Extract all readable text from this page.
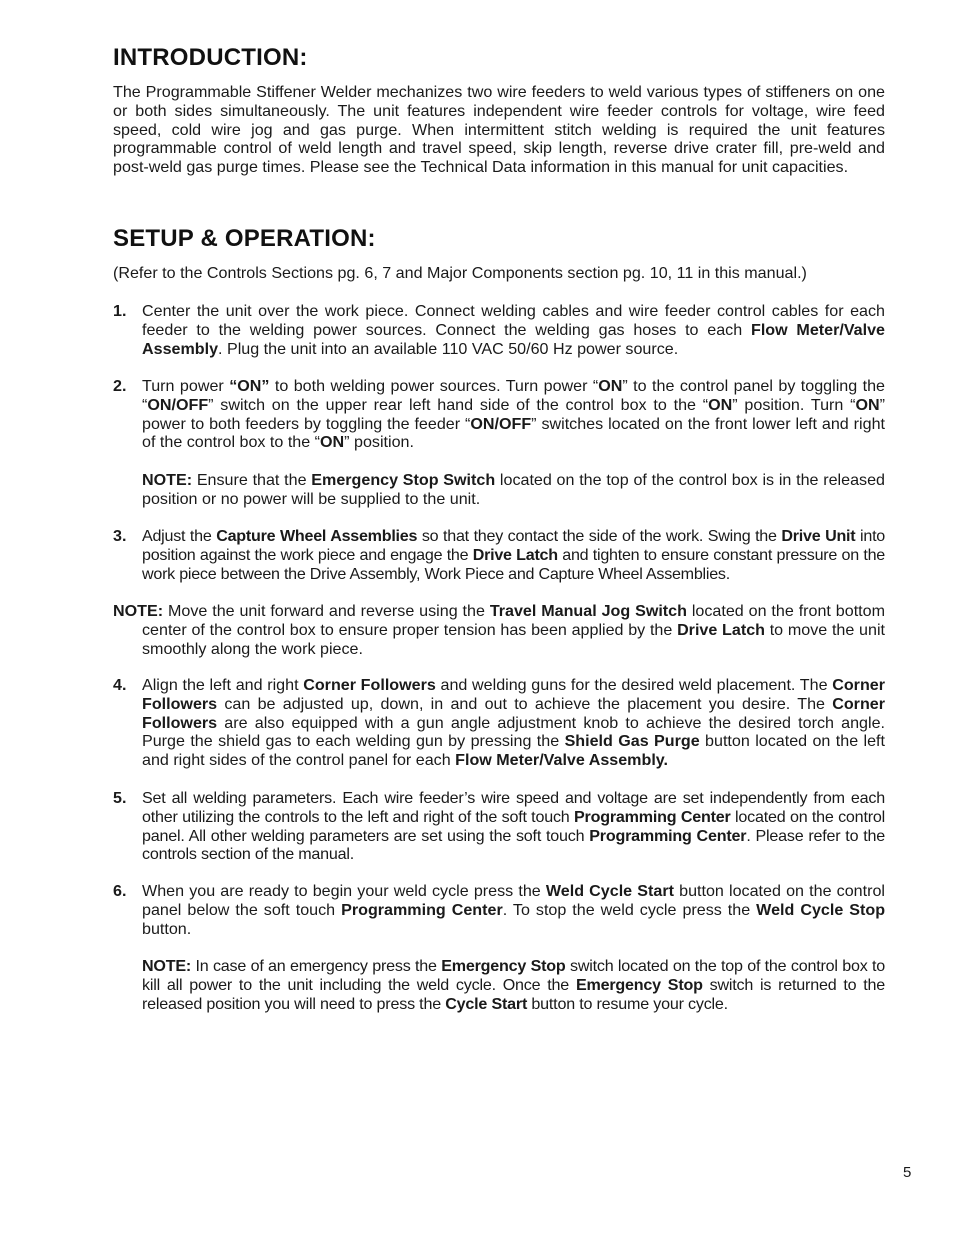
INTRODUCTION:

The Programmable Stiffener Welder mechanizes two wire feeders to weld various types of stiffeners on one or both sides simultaneously. The unit features independent wire feeder controls for voltage, wire feed speed, cold wire jog and gas purge. When intermittent stitch welding is required the unit features programmable control of weld length and travel speed, skip length, reverse drive crater fill, pre-weld and post-weld gas purge times. Please see the Technical Data information in this manual for unit capacities.

SETUP & OPERATION:

(Refer to the Controls Sections pg. 6, 7 and Major Components section pg. 10, 11 in this manual.)

1. Center the unit over the work piece. Connect welding cables and wire feeder control cables for each feeder to the welding power sources. Connect the welding gas hoses to each Flow Meter/Valve Assembly. Plug the unit into an available 110 VAC 50/60 Hz power source.

2. Turn power “ON” to both welding power sources. Turn power “ON” to the control panel by toggling the “ON/OFF” switch on the upper rear left hand side of the control box to the “ON” position. Turn “ON” power to both feeders by toggling the feeder “ON/OFF” switches located on the front lower left and right of the control box to the “ON” position.

NOTE: Ensure that the Emergency Stop Switch located on the top of the control box is in the released position or no power will be supplied to the unit.

3. Adjust the Capture Wheel Assemblies so that they contact the side of the work. Swing the Drive Unit into position against the work piece and engage the Drive Latch and tighten to ensure constant pressure on the work piece between the Drive Assembly, Work Piece and Capture Wheel Assemblies.

NOTE: Move the unit forward and reverse using the Travel Manual Jog Switch located on the front bottom center of the control box to ensure proper tension has been applied by the Drive Latch to move the unit smoothly along the work piece.

4. Align the left and right Corner Followers and welding guns for the desired weld placement. The Corner Followers can be adjusted up, down, in and out to achieve the placement you desire. The Corner Followers are also equipped with a gun angle adjustment knob to achieve the desired torch angle. Purge the shield gas to each welding gun by pressing the Shield Gas Purge button located on the left and right sides of the control panel for each Flow Meter/Valve Assembly.

5. Set all welding parameters. Each wire feeder’s wire speed and voltage are set independently from each other utilizing the controls to the left and right of the soft touch Programming Center located on the control panel. All other welding parameters are set using the soft touch Programming Center. Please refer to the controls section of the manual.

6. When you are ready to begin your weld cycle press the Weld Cycle Start button located on the control panel below the soft touch Programming Center. To stop the weld cycle press the Weld Cycle Stop button.

NOTE: In case of an emergency press the Emergency Stop switch located on the top of the control box to kill all power to the unit including the weld cycle. Once the Emergency Stop switch is returned to the released position you will need to press the Cycle Start button to resume your cycle.

5
